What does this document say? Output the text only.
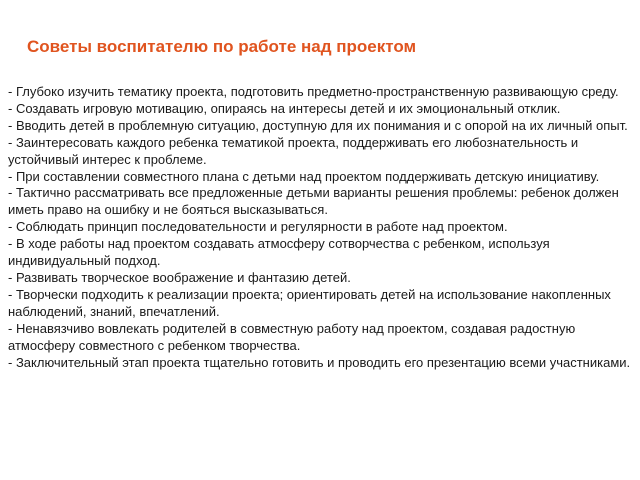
Советы воспитателю по работе над проектом
- Глубоко изучить тематику проекта, подготовить предметно-пространственную развивающую среду.
- Создавать игровую мотивацию, опираясь на интересы детей и их эмоциональный отклик.
- Вводить детей в проблемную ситуацию, доступную для их понимания и с опорой на их личный опыт.
- Заинтересовать каждого ребенка тематикой проекта, поддерживать его любознательность и устойчивый интерес к проблеме.
- При составлении совместного плана с детьми над проектом поддерживать детскую инициативу.
- Тактично рассматривать все предложенные детьми варианты решения проблемы: ребенок должен иметь право на ошибку и не бояться высказываться.
- Соблюдать принцип последовательности и регулярности в работе над проектом.
- В ходе работы над проектом создавать атмосферу сотворчества с ребенком, используя индивидуальный подход.
- Развивать творческое воображение и фантазию детей.
- Творчески подходить к реализации проекта; ориентировать детей на использование накопленных наблюдений, знаний, впечатлений.
- Ненавязчиво вовлекать родителей в совместную работу над проектом, создавая радостную атмосферу совместного с ребенком творчества.
- Заключительный этап проекта тщательно готовить и проводить его презентацию всеми участниками.
